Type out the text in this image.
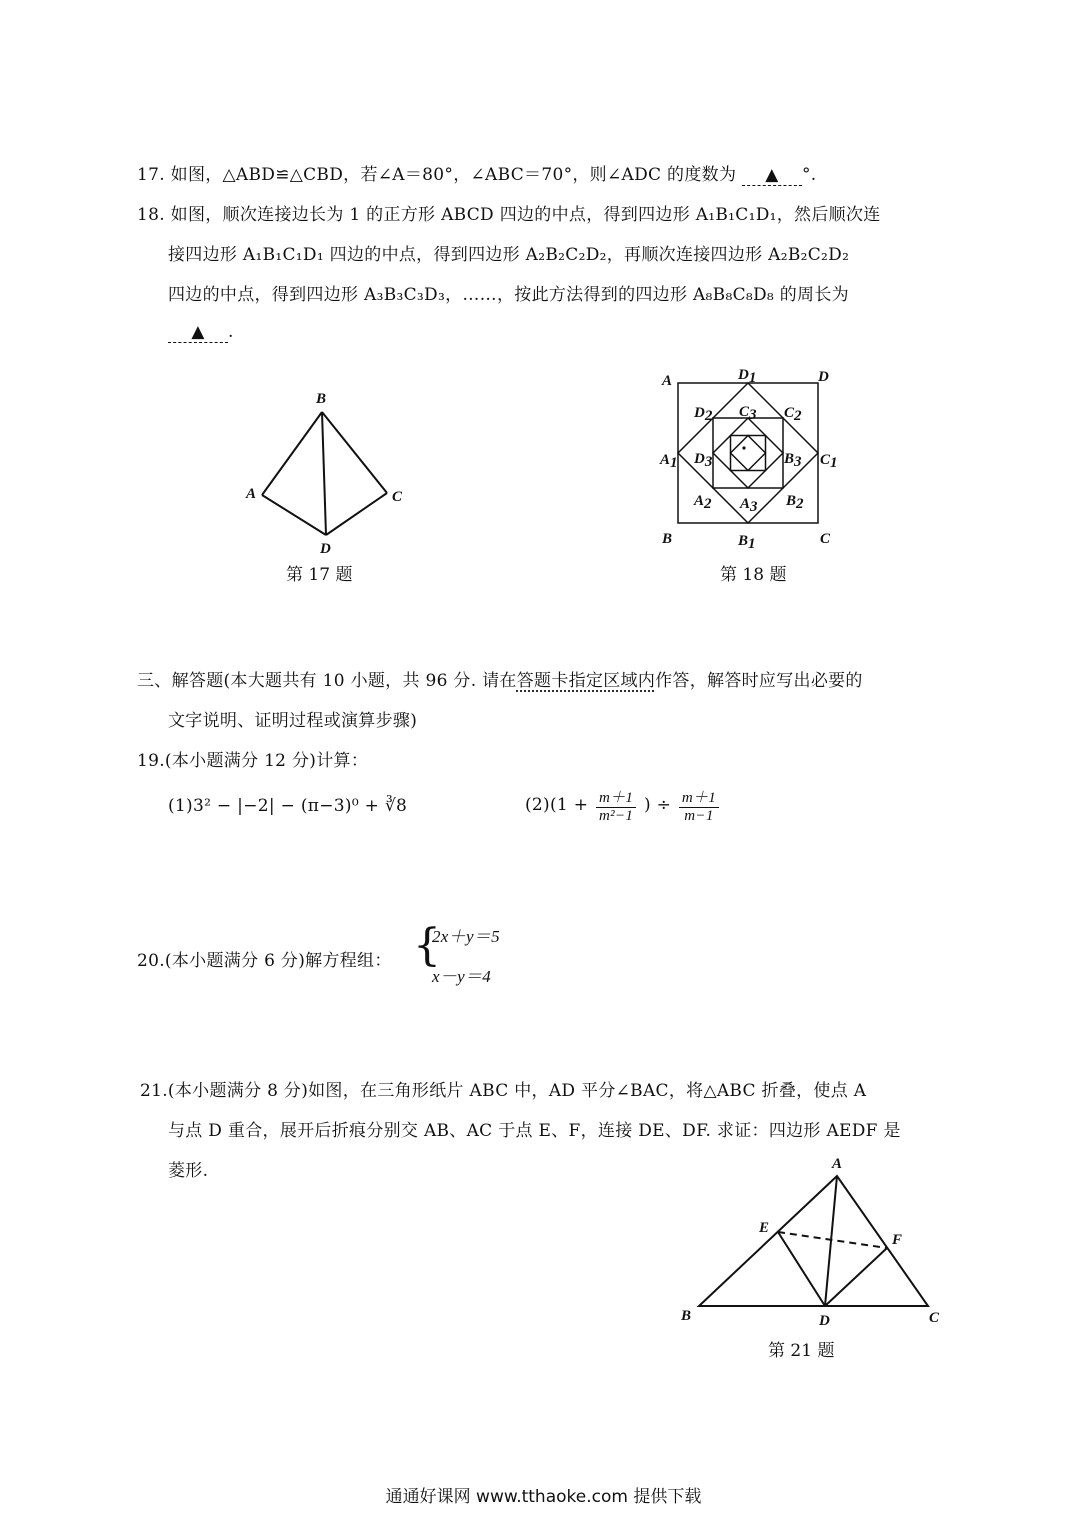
17. 如图，△ABD≌△CBD，若∠A＝80°，∠ABC＝70°，则∠ADC 的度数为 ▲ °.
18. 如图，顺次连接边长为 1 的正方形 ABCD 四边的中点，得到四边形 A₁B₁C₁D₁，然后顺次连
接四边形 A₁B₁C₁D₁ 四边的中点，得到四边形 A₂B₂C₂D₂，再顺次连接四边形 A₂B₂C₂D₂
四边的中点，得到四边形 A₃B₃C₃D₃，……，按此方法得到的四边形 A₈B₈C₈D₈ 的周长为
▲ .
B
A	C
D
第 17 题
A	D
B	C
D1
C1
B1
A1
D2	C2
B2
A2
C3
B3
A3
D3
第 18 题
三、解答题(本大题共有 10 小题，共 96 分. 请在答题卡指定区域内作答，解答时应写出必要的
文字说明、证明过程或演算步骤)
19.(本小题满分 12 分)计算：
(1)3² − |−2| − (π−3)⁰ + ∛8	$(2)(1 + \frac{m+1}{\text{m²−1}}$ ) ÷ $\frac{m+1}{m-1}$
20.(本小题满分 6 分)解方程组： {
2x＋y＝5
x－y＝4
21.(本小题满分 8 分)如图，在三角形纸片 ABC 中，AD 平分∠BAC，将△ABC 折叠，使点 A
与点 D 重合，展开后折痕分别交 AB、AC 于点 E、F，连接 DE、DF. 求证：四边形 AEDF 是
菱形.	A
E
F
B	D	C
第 21 题
通通好课网 www.tthaoke.com 提供下载
